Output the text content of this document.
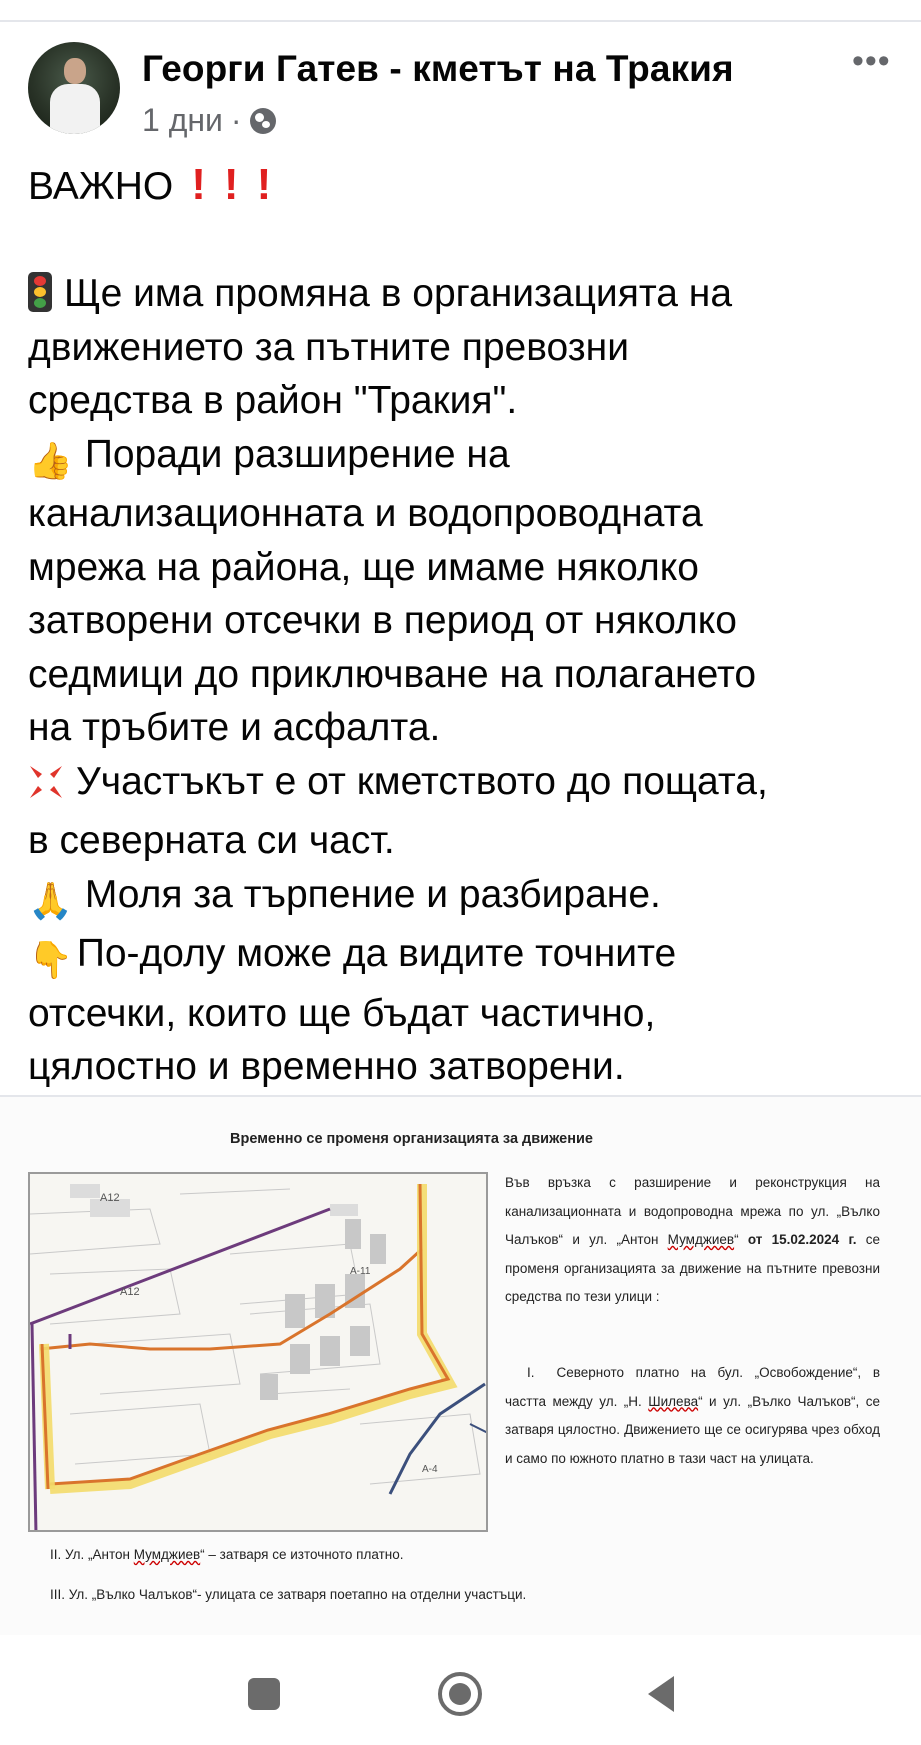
Георги Гатев - кметът на Тракия
1 дни ·
•••
ВАЖНО ! ! !
Ще има промяна в организацията на
движението за пътните превозни
средства в район "Тракия".
👍 Поради разширение на
канализационната и водопроводната
мрежа на района, ще имаме няколко
затворени отсечки в период от няколко
седмици до приключване на полагането
на тръбите и асфалта.
Участъкът е от кметството до пощата,
в северната си част.
🙏 Моля за търпение и разбиране.
👇 По-долу може да видите точните
отсечки, които ще бъдат частично,
цялостно и временно затворени.
Временно се променя организацията за движение
A12
A12
A-11
A-4
Във връзка с разширение и реконструкция на канализационната и водопроводна мрежа по ул. „Вълко Чалъков“ и ул. „Антон Мумджиев“ от 15.02.2024 г. се променя организацията за движение на пътните превозни средства по тези улици :
I. Северното платно на бул. „Освобождение“, в частта между ул. „Н. Шилева“ и ул. „Вълко Чалъков“, се затваря цялостно. Движението ще се осигурява чрез обход и само по южното платно в тази част на улицата.
II. Ул. „Антон Мумджиев“ – затваря се източното платно.
III. Ул. „Вълко Чалъков“- улицата се затваря поетапно на отделни участъци.
